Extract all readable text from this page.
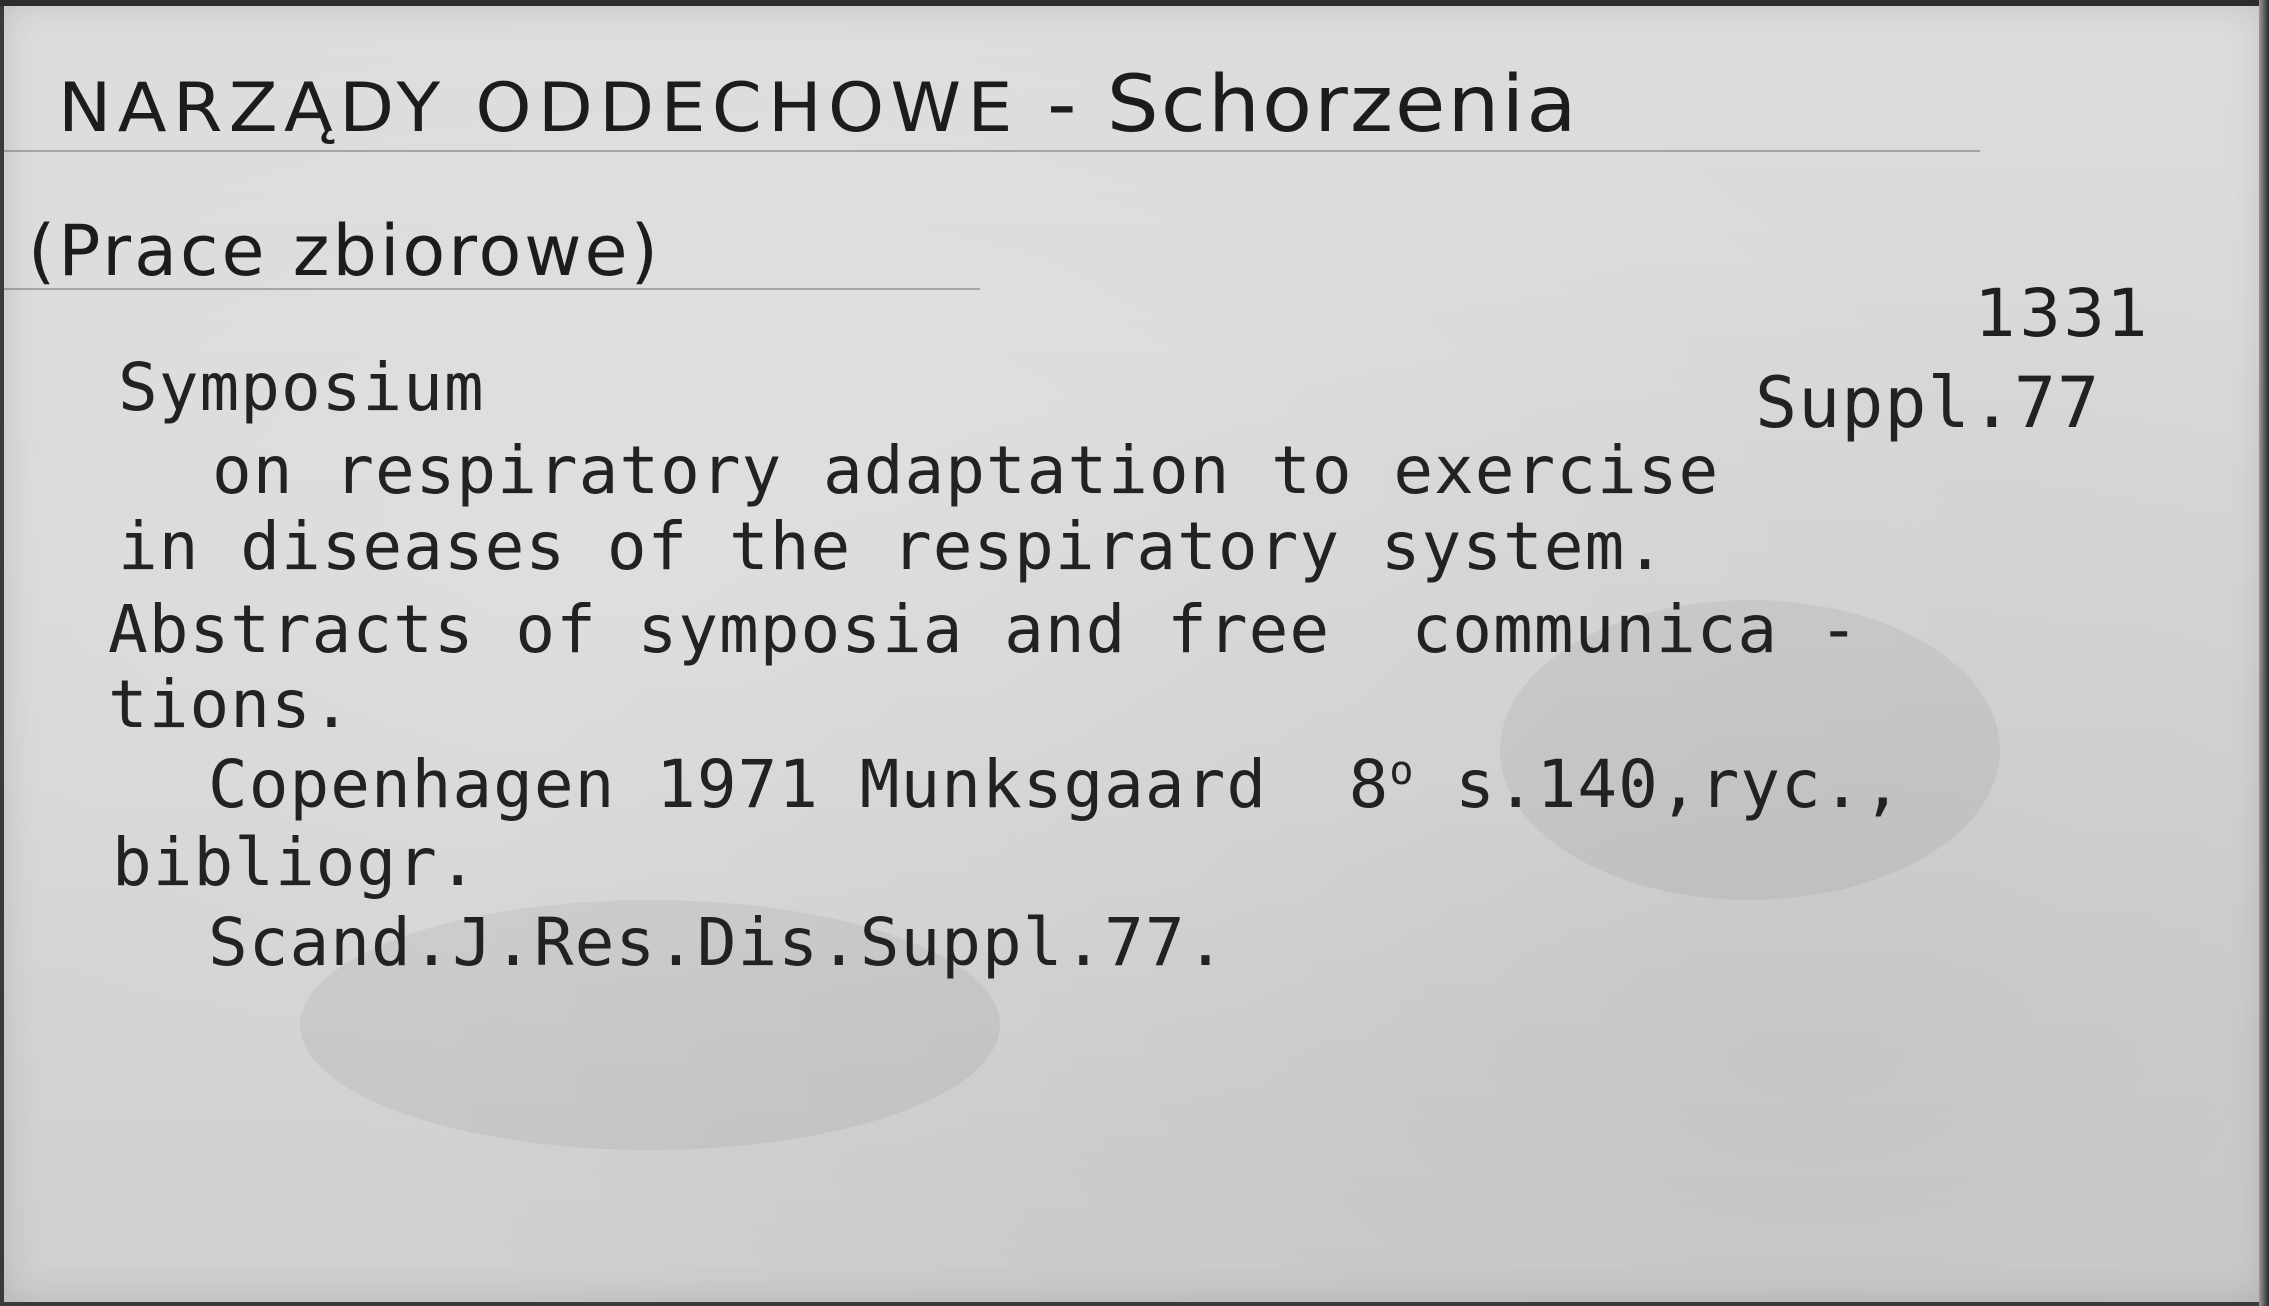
NARZĄDY ODDECHOWE - Schorzenia
(Prace zbiorowe)
1331
Symposium	Suppl.77
on respiratory adaptation to exercise
in diseases of the respiratory system.
Abstracts of symposia and free  communica -
tions.
Copenhagen 1971 Munksgaard  8$^o$ s.140,ryc.,
bibliogr.
Scand.J.Res.Dis.Suppl.77.
